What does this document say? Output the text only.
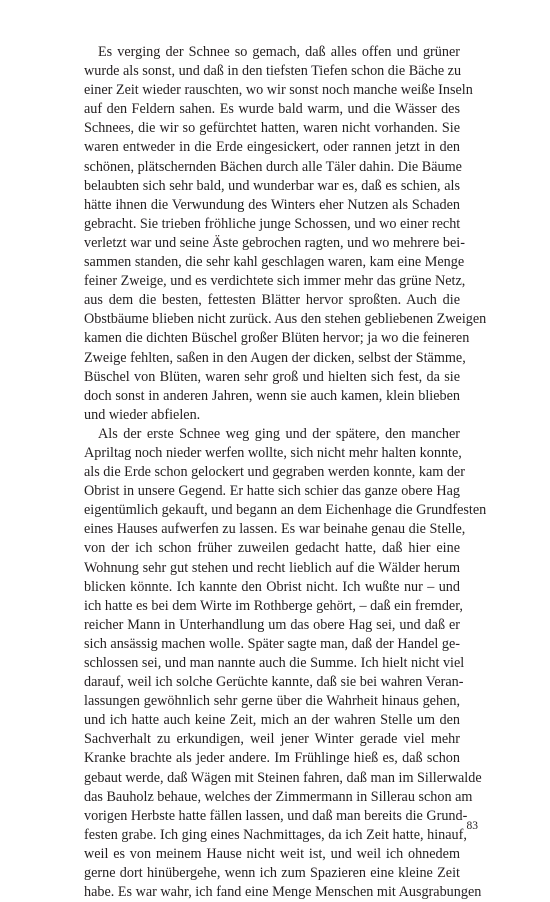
Es verging der Schnee so gemach, daß alles offen und grüner
wurde als sonst, und daß in den tiefsten Tiefen schon die Bäche zu
einer Zeit wieder rauschten, wo wir sonst noch manche weiße Inseln
auf den Feldern sahen. Es wurde bald warm, und die Wässer des
Schnees, die wir so gefürchtet hatten, waren nicht vorhanden. Sie
waren entweder in die Erde eingesickert, oder rannen jetzt in den
schönen, plätschernden Bächen durch alle Täler dahin. Die Bäume
belaubten sich sehr bald, und wunderbar war es, daß es schien, als
hätte ihnen die Verwundung des Winters eher Nutzen als Schaden
gebracht. Sie trieben fröhliche junge Schossen, und wo einer recht
verletzt war und seine Äste gebrochen ragten, und wo mehrere bei-
sammen standen, die sehr kahl geschlagen waren, kam eine Menge
feiner Zweige, und es verdichtete sich immer mehr das grüne Netz,
aus dem die besten, fettesten Blätter hervor sproßten. Auch die
Obstbäume blieben nicht zurück. Aus den stehen gebliebenen Zweigen
kamen die dichten Büschel großer Blüten hervor; ja wo die feineren
Zweige fehlten, saßen in den Augen der dicken, selbst der Stämme,
Büschel von Blüten, waren sehr groß und hielten sich fest, da sie
doch sonst in anderen Jahren, wenn sie auch kamen, klein blieben
und wieder abfielen.
Als der erste Schnee weg ging und der spätere, den mancher
Apriltag noch nieder werfen wollte, sich nicht mehr halten konnte,
als die Erde schon gelockert und gegraben werden konnte, kam der
Obrist in unsere Gegend. Er hatte sich schier das ganze obere Hag
eigentümlich gekauft, und begann an dem Eichenhage die Grundfesten
eines Hauses aufwerfen zu lassen. Es war beinahe genau die Stelle,
von der ich schon früher zuweilen gedacht hatte, daß hier eine
Wohnung sehr gut stehen und recht lieblich auf die Wälder herum
blicken könnte. Ich kannte den Obrist nicht. Ich wußte nur – und
ich hatte es bei dem Wirte im Rothberge gehört, – daß ein fremder,
reicher Mann in Unterhandlung um das obere Hag sei, und daß er
sich ansässig machen wolle. Später sagte man, daß der Handel ge-
schlossen sei, und man nannte auch die Summe. Ich hielt nicht viel
darauf, weil ich solche Gerüchte kannte, daß sie bei wahren Veran-
lassungen gewöhnlich sehr gerne über die Wahrheit hinaus gehen,
und ich hatte auch keine Zeit, mich an der wahren Stelle um den
Sachverhalt zu erkundigen, weil jener Winter gerade viel mehr
Kranke brachte als jeder andere. Im Frühlinge hieß es, daß schon
gebaut werde, daß Wägen mit Steinen fahren, daß man im Sillerwalde
das Bauholz behaue, welches der Zimmermann in Sillerau schon am
vorigen Herbste hatte fällen lassen, und daß man bereits die Grund-
festen grabe. Ich ging eines Nachmittages, da ich Zeit hatte, hinauf,
weil es von meinem Hause nicht weit ist, und weil ich ohnedem
gerne dort hinübergehe, wenn ich zum Spazieren eine kleine Zeit
habe. Es war wahr, ich fand eine Menge Menschen mit Ausgrabungen
83
